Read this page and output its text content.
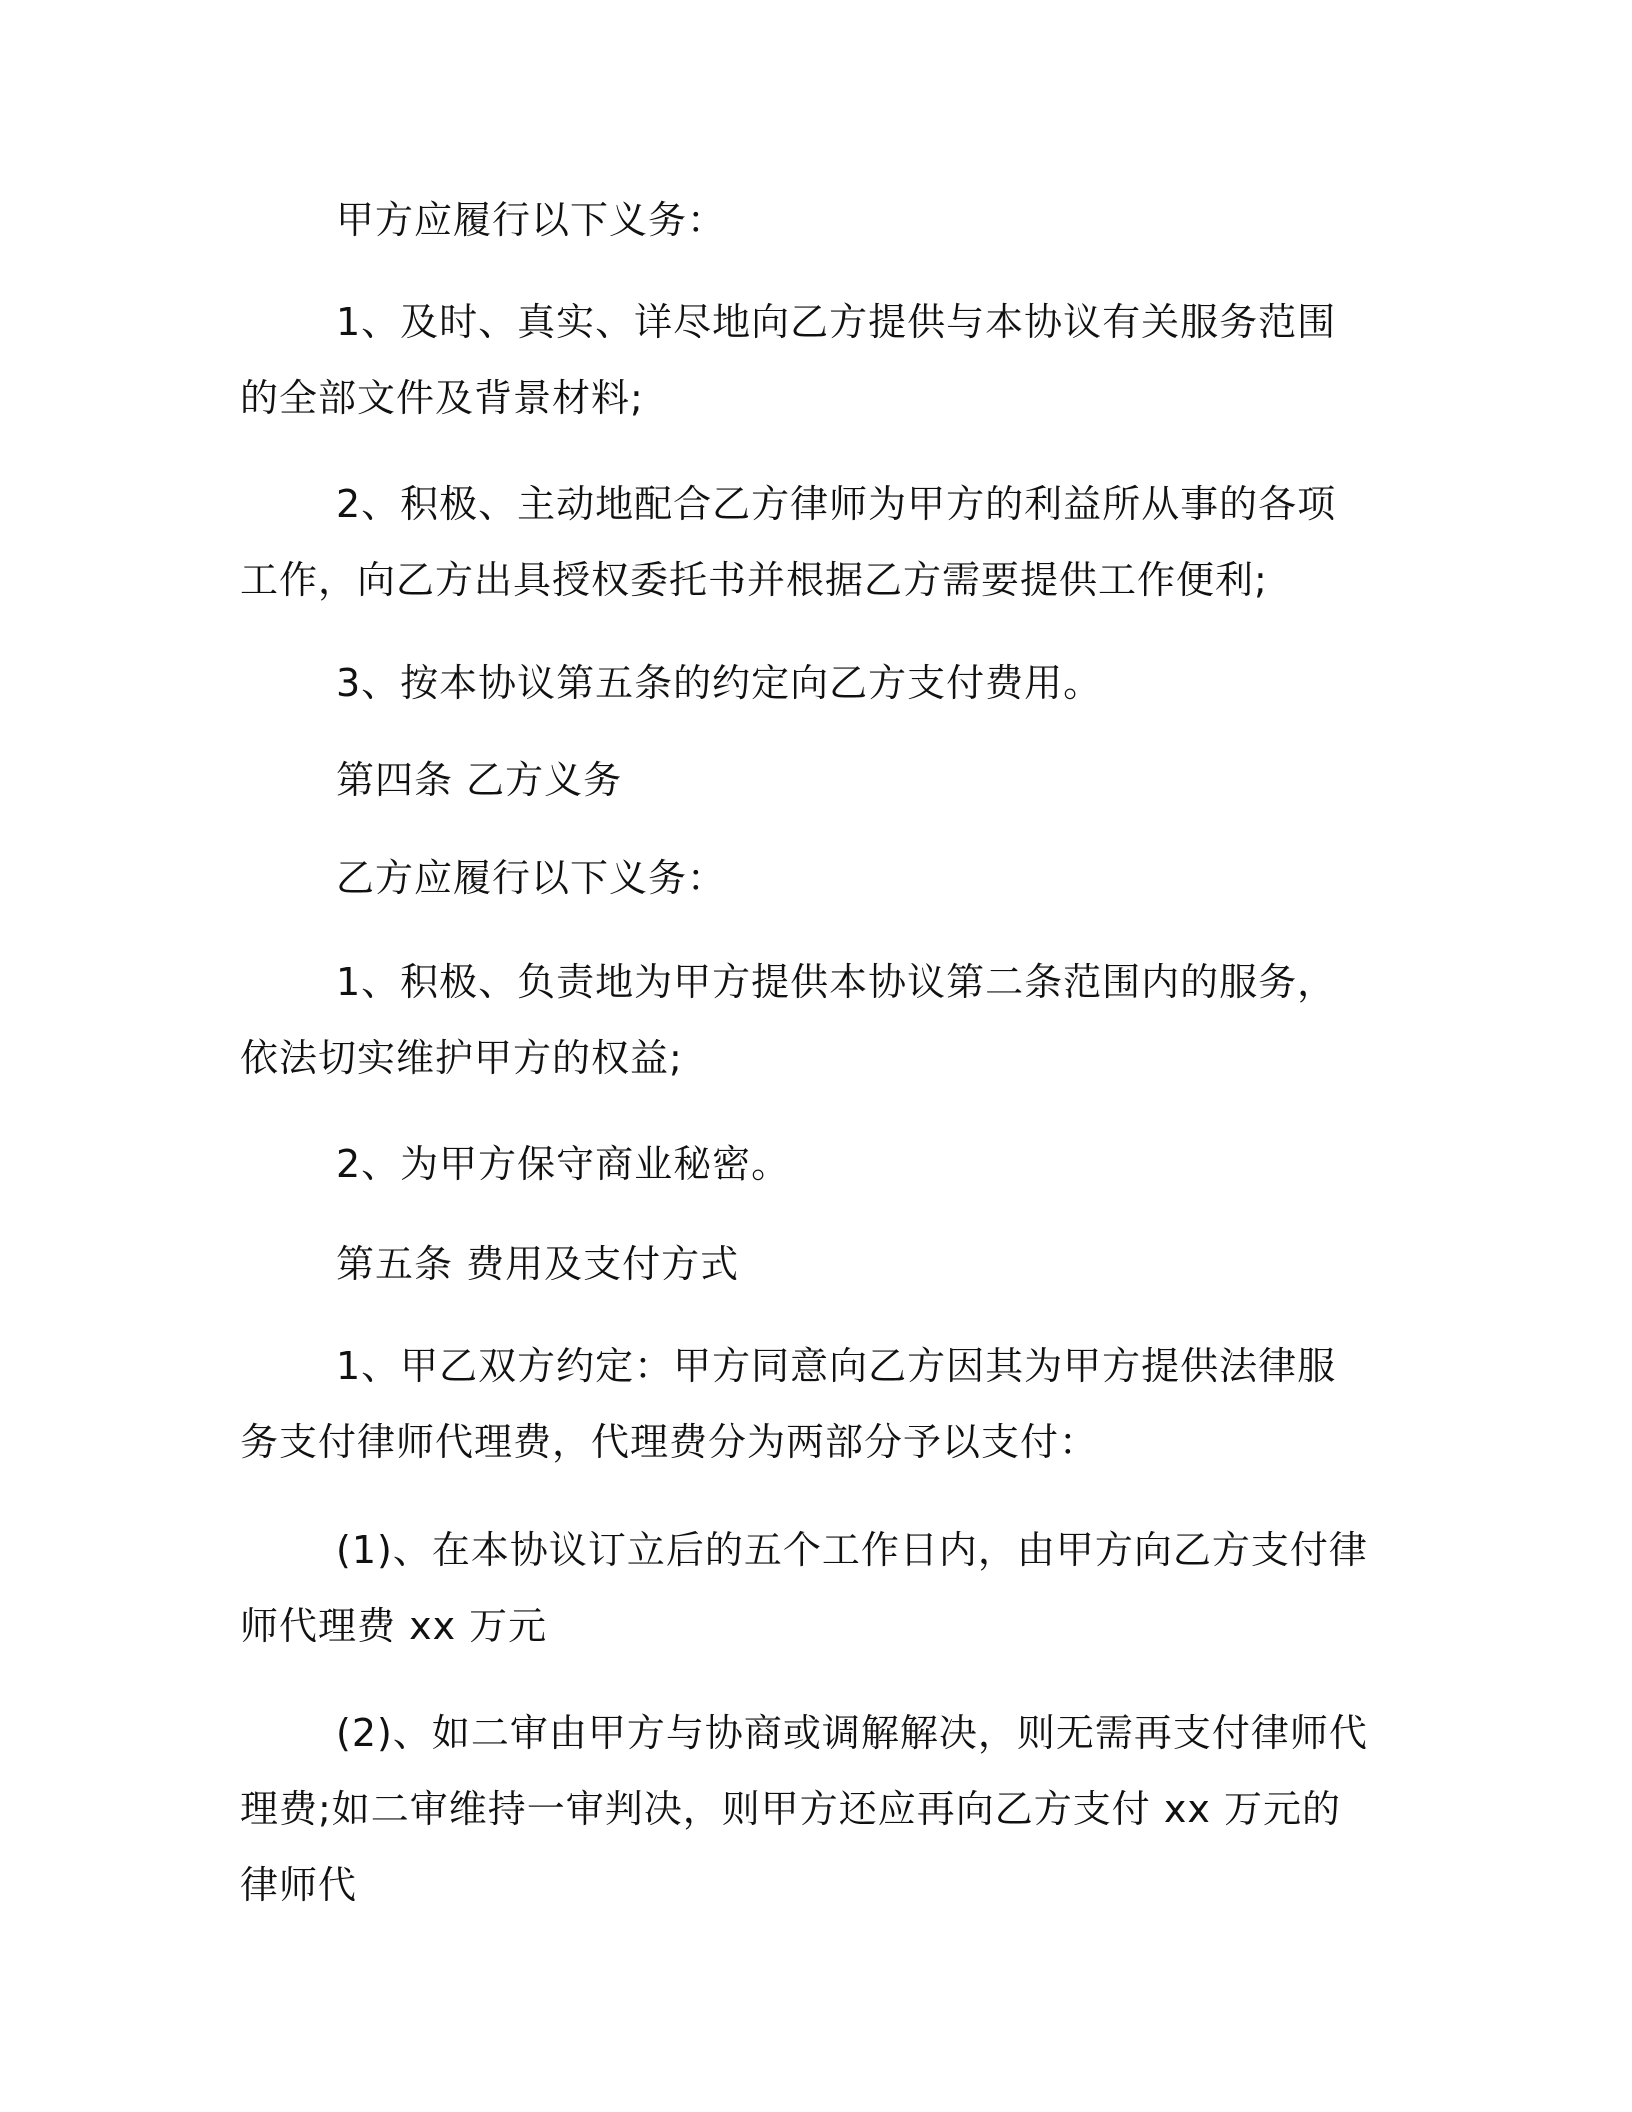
甲方应履行以下义务：

1、及时、真实、详尽地向乙方提供与本协议有关服务范围的全部文件及背景材料;

2、积极、主动地配合乙方律师为甲方的利益所从事的各项工作，向乙方出具授权委托书并根据乙方需要提供工作便利;

3、按本协议第五条的约定向乙方支付费用。

第四条 乙方义务

乙方应履行以下义务：

1、积极、负责地为甲方提供本协议第二条范围内的服务，依法切实维护甲方的权益;

2、为甲方保守商业秘密。

第五条 费用及支付方式

1、甲乙双方约定：甲方同意向乙方因其为甲方提供法律服务支付律师代理费，代理费分为两部分予以支付：

(1)、在本协议订立后的五个工作日内，由甲方向乙方支付律师代理费 xx 万元

(2)、如二审由甲方与协商或调解解决，则无需再支付律师代理费;如二审维持一审判决，则甲方还应再向乙方支付 xx 万元的律师代
